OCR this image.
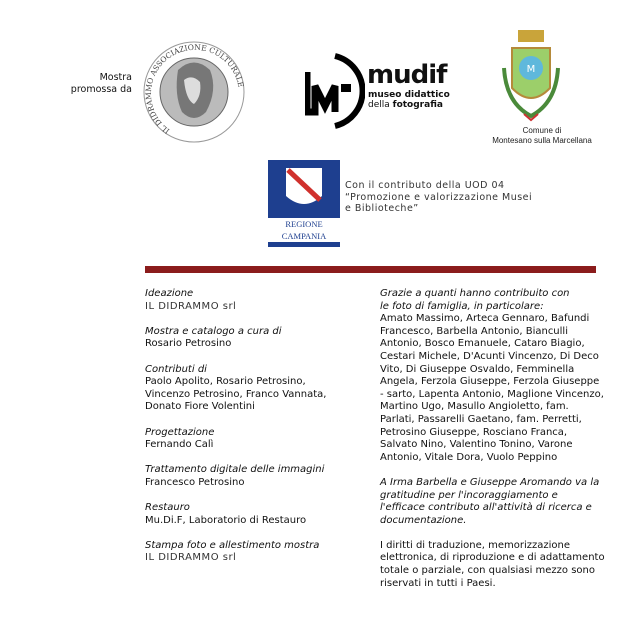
Mostra promossa da
IL DIDRAMMO ASSOCIAZIONE CULTURALE	mudif
museo didattico
della fotografia
M
Comune di
Montesano sulla Marcellana
REGIONE CAMPANIA
Con il contributo della UOD 04
“Promozione e valorizzazione Musei
e Biblioteche”

Ideazione
IL DIDRAMMO srl

Mostra e catalogo a cura di
Rosario Petrosino

Contributi di
Paolo Apolito, Rosario Petrosino, Vincenzo Petrosino, Franco Vannata, Donato Fiore Volentini

Progettazione
Fernando Calì

Trattamento digitale delle immagini
Francesco Petrosino

Restauro
Mu.Di.F, Laboratorio di Restauro

Stampa foto e allestimento mostra
IL DIDRAMMO srl

Grazie a quanti hanno contribuito con le foto di famiglia, in particolare:

Amato Massimo, Arteca Gennaro, Bafundi Francesco, Barbella Antonio, Bianculli Antonio, Bosco Emanuele, Cataro Biagio, Cestari Michele, D'Acunti Vincenzo, Di Deco Vito, Di Giuseppe Osvaldo, Femminella Angela, Ferzola Giuseppe, Ferzola Giuseppe - sarto, Lapenta Antonio, Maglione Vincenzo, Martino Ugo, Masullo Angioletto, fam. Parlati, Passarelli Gaetano, fam. Perretti, Petrosino Giuseppe, Rosciano Franca, Salvato Nino, Valentino Tonino, Varone Antonio, Vitale Dora, Vuolo Peppino

A Irma Barbella e Giuseppe Aromando va la gratitudine per l'incoraggiamento e l'efficace contributo all'attività di ricerca e documentazione.

I diritti di traduzione, memorizzazione elettronica, di riproduzione e di adattamento totale o parziale, con qualsiasi mezzo sono riservati in tutti i Paesi.
